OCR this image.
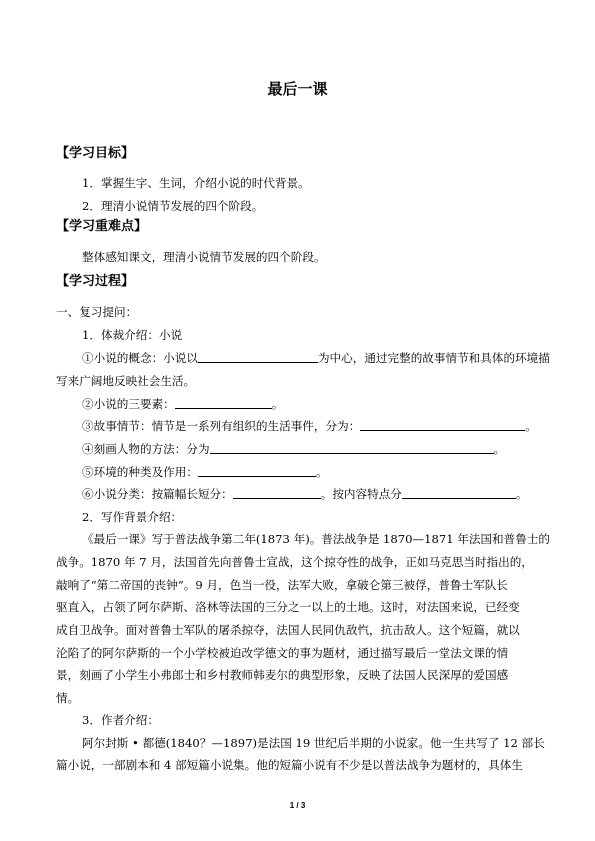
最后一课
【学习目标】
1．掌握生字、生词，介绍小说的时代背景。
2．理清小说情节发展的四个阶段。
【学习重难点】
整体感知课文，理清小说情节发展的四个阶段。
【学习过程】
一、复习提问：
1．体裁介绍：小说
①小说的概念：小说以	为中心，通过完整的故事情节和具体的环境描
写来广阔地反映社会生活。
②小说的三要素：	。
③故事情节：情节是一系列有组织的生活事件，分为：	。
④刻画人物的方法：分为	。
⑤环境的种类及作用：	。
⑥小说分类：按篇幅长短分：	。按内容特点分	。
2．写作背景介绍：
《最后一课》写于普法战争第二年(1873 年)。普法战争是 1870—1871 年法国和普鲁士的
战争。1870 年 7 月，法国首先向普鲁士宣战，这个掠夺性的战争，正如马克思当时指出的，
敲响了“第二帝国的丧钟”。9 月，色当一役，法军大败，拿破仑第三被俘，普鲁士军队长
驱直入，占领了阿尔萨斯、洛林等法国的三分之一以上的土地。这时，对法国来说，已经变
成自卫战争。面对普鲁士军队的屠杀掠夺，法国人民同仇敌忾，抗击敌人。这个短篇，就以
沦陷了的阿尔萨斯的一个小学校被迫改学德文的事为题材，通过描写最后一堂法文课的情
景，刻画了小学生小弗郎士和乡村教师韩麦尔的典型形象，反映了法国人民深厚的爱国感
情。
3．作者介绍：
阿尔封斯 • 都德(1840？—1897)是法国 19 世纪后半期的小说家。他一生共写了 12 部长
篇小说，一部剧本和 4 部短篇小说集。他的短篇小说有不少是以普法战争为题材的，具体生
1 / 3
